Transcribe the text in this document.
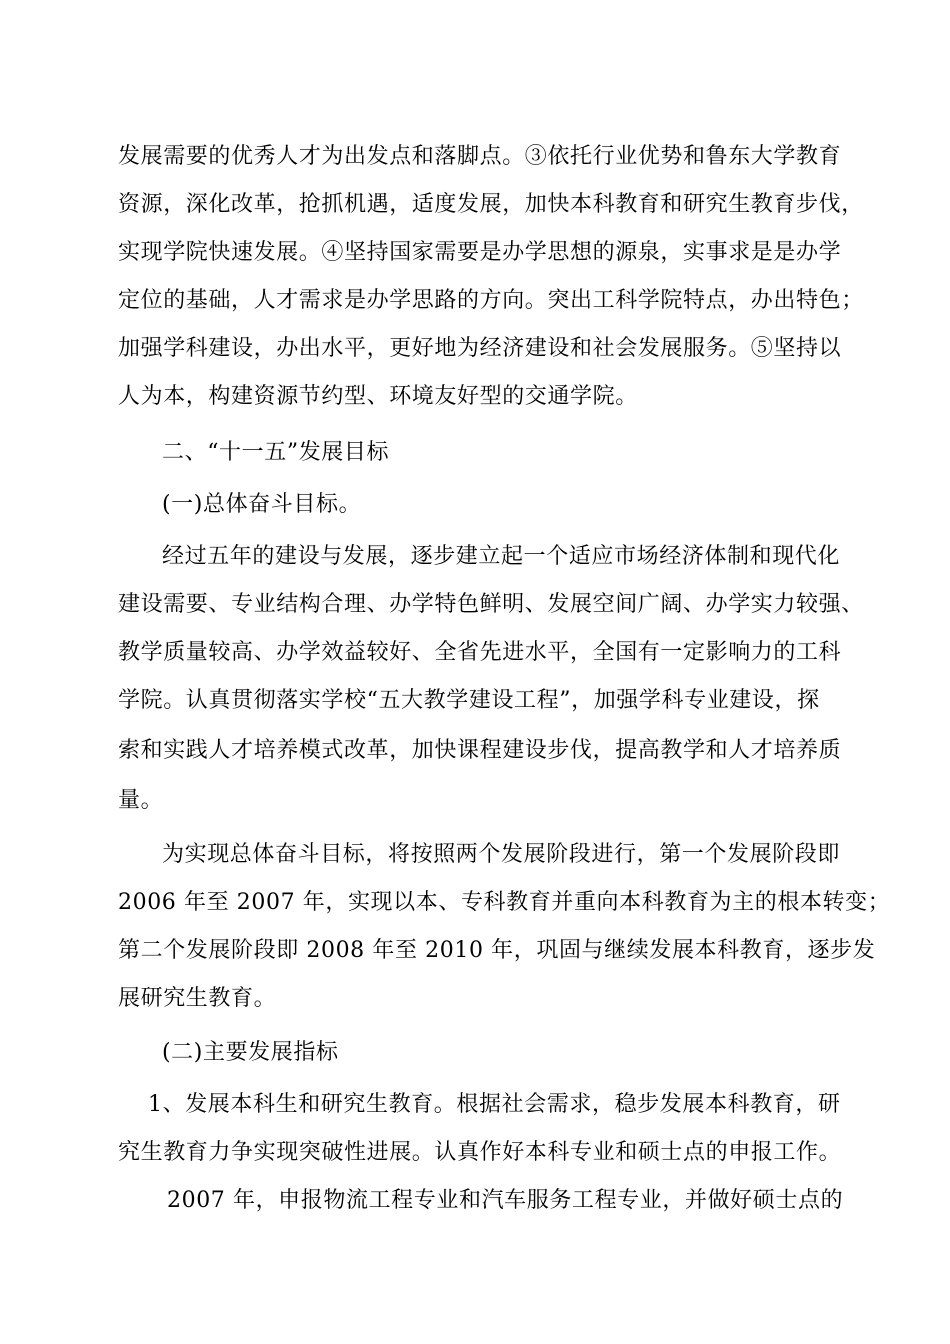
发展需要的优秀人才为出发点和落脚点。③依托行业优势和鲁东大学教育
资源，深化改革，抢抓机遇，适度发展，加快本科教育和研究生教育步伐，
实现学院快速发展。④坚持国家需要是办学思想的源泉，实事求是是办学
定位的基础，人才需求是办学思路的方向。突出工科学院特点，办出特色；
加强学科建设，办出水平，更好地为经济建设和社会发展服务。⑤坚持以
人为本，构建资源节约型、环境友好型的交通学院。
二、“十一五”发展目标
(一)总体奋斗目标。
经过五年的建设与发展，逐步建立起一个适应市场经济体制和现代化
建设需要、专业结构合理、办学特色鲜明、发展空间广阔、办学实力较强、
教学质量较高、办学效益较好、全省先进水平，全国有一定影响力的工科
学院。认真贯彻落实学校“五大教学建设工程”，加强学科专业建设，探
索和实践人才培养模式改革，加快课程建设步伐，提高教学和人才培养质
量。
为实现总体奋斗目标，将按照两个发展阶段进行，第一个发展阶段即
2006 年至 2007 年，实现以本、专科教育并重向本科教育为主的根本转变；
第二个发展阶段即 2008 年至 2010 年，巩固与继续发展本科教育，逐步发
展研究生教育。
(二)主要发展指标
1、发展本科生和研究生教育。根据社会需求，稳步发展本科教育，研
究生教育力争实现突破性进展。认真作好本科专业和硕士点的申报工作。
2007 年，申报物流工程专业和汽车服务工程专业，并做好硕士点的
